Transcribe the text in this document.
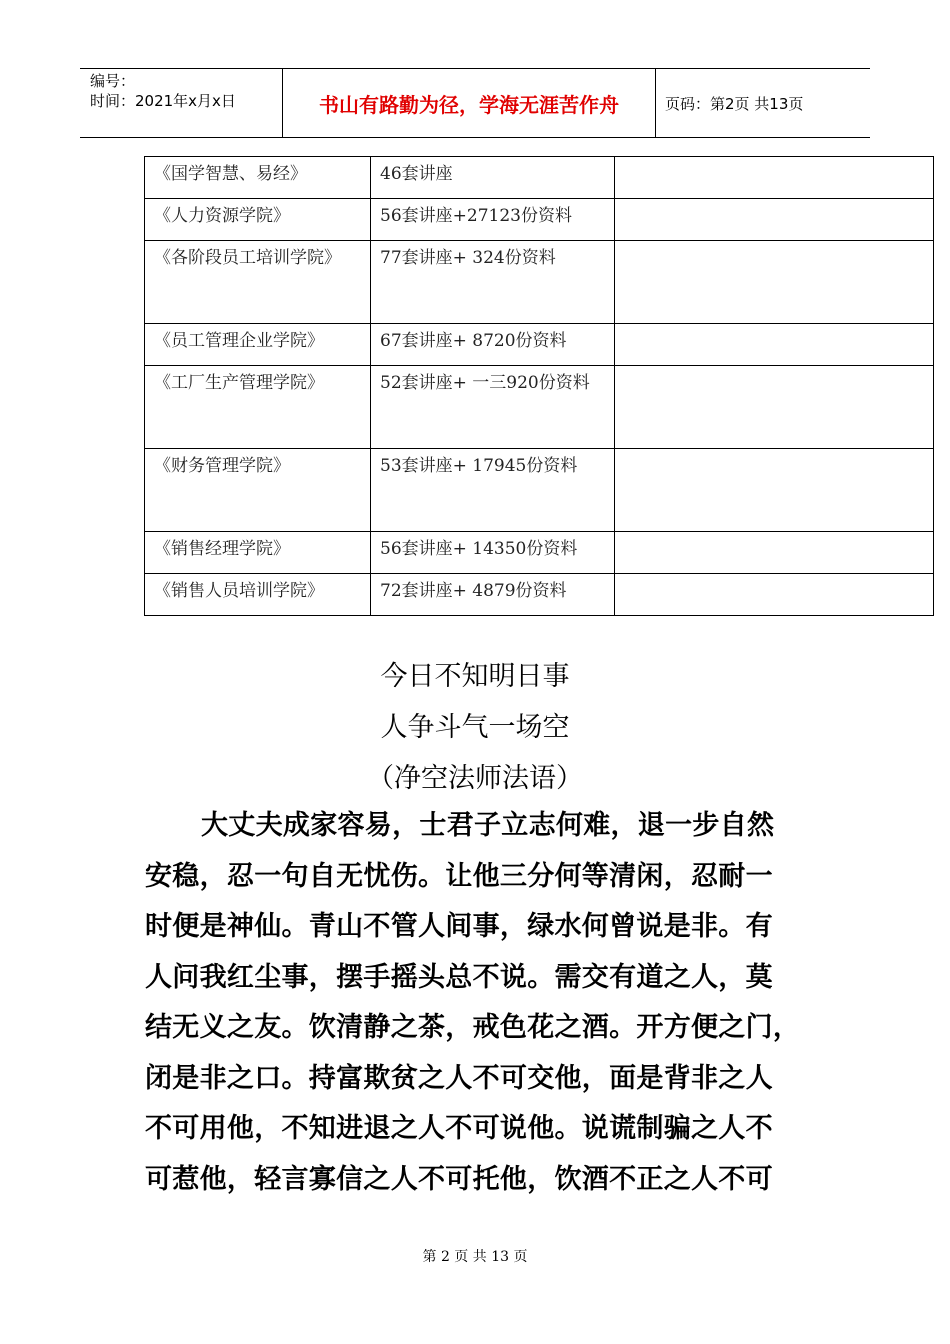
编号：
时间：2021年x月x日	书山有路勤为径，学海无涯苦作舟	页码：第2页 共13页
《国学智慧、易经》	46套讲座	

《人力资源学院》	56套讲座+27123份资料	

《各阶段员工培训学院》	77套讲座+ 324份资料	

《员工管理企业学院》	67套讲座+ 8720份资料	

《工厂生产管理学院》	52套讲座+ 一三920份资料	

《财务管理学院》	53套讲座+ 17945份资料	

《销售经理学院》	56套讲座+ 14350份资料	

《销售人员培训学院》	72套讲座+ 4879份资料	

今日不知明日事
人争斗气一场空
（净空法师法语）
大丈夫成家容易，士君子立志何难，退一步自然
安稳，忍一句自无忧伤。让他三分何等清闲，忍耐一
时便是神仙。青山不管人间事，绿水何曾说是非。有
人问我红尘事，摆手摇头总不说。需交有道之人，莫
结无义之友。饮清静之茶，戒色花之酒。开方便之门，
闭是非之口。持富欺贫之人不可交他，面是背非之人
不可用他，不知进退之人不可说他。说谎制骗之人不
可惹他，轻言寡信之人不可托他，饮酒不正之人不可
第 2 页 共 13 页
